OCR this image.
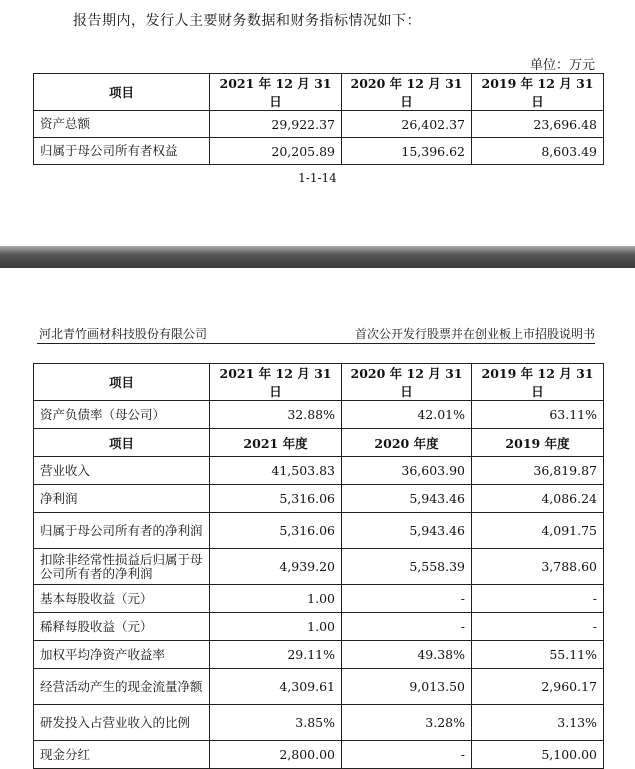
报告期内，发行人主要财务数据和财务指标情况如下：
单位：万元
项目	2021 年 12 月 31 日	2020 年 12 月 31 日	2019 年 12 月 31 日
资产总额	29,922.37	26,402.37	23,696.48
归属于母公司所有者权益	20,205.89	15,396.62	8,603.49
1-1-14
河北青竹画材科技股份有限公司	首次公开发行股票并在创业板上市招股说明书
项目	2021 年 12 月 31 日	2020 年 12 月 31 日	2019 年 12 月 31 日
资产负债率（母公司）	32.88%	42.01%	63.11%
项目	2021 年度	2020 年度	2019 年度
营业收入	41,503.83	36,603.90	36,819.87
净利润	5,316.06	5,943.46	4,086.24
归属于母公司所有者的净利润	5,316.06	5,943.46	4,091.75
扣除非经常性损益后归属于母公司所有者的净利润	4,939.20	5,558.39	3,788.60
基本每股收益（元）	1.00	-	-
稀释每股收益（元）	1.00	-	-
加权平均净资产收益率	29.11%	49.38%	55.11%
经营活动产生的现金流量净额	4,309.61	9,013.50	2,960.17
研发投入占营业收入的比例	3.85%	3.28%	3.13%
现金分红	2,800.00	-	5,100.00
